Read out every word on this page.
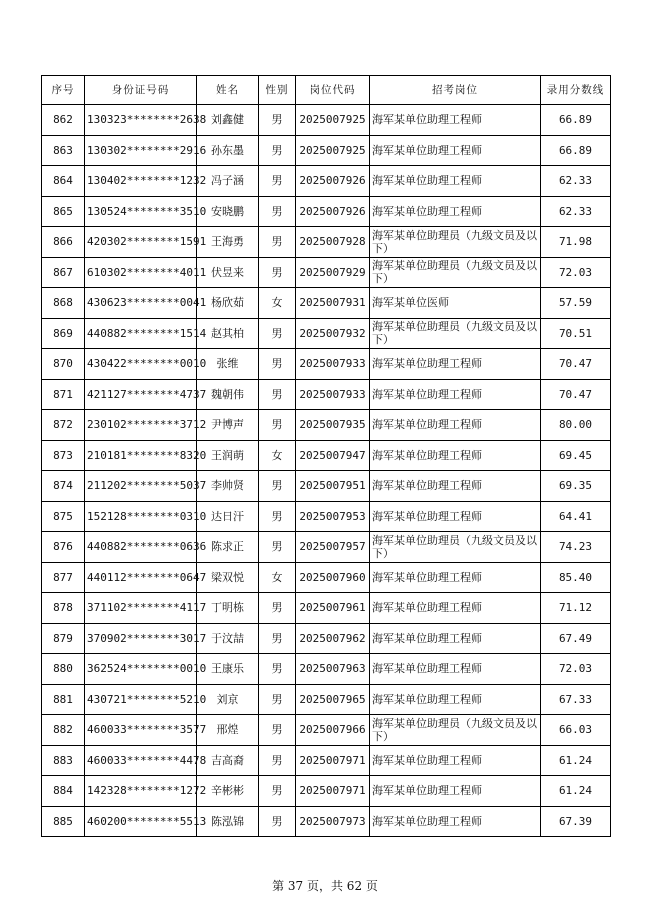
序号	身份证号码	姓名	性别	岗位代码	招考岗位	录用分数线
862	130323********2638	刘鑫健	男	2025007925	海军某单位助理工程师	66.89
863	130302********2916	孙东墨	男	2025007925	海军某单位助理工程师	66.89
864	130402********1232	冯子涵	男	2025007926	海军某单位助理工程师	62.33
865	130524********3510	安晓鹏	男	2025007926	海军某单位助理工程师	62.33
866	420302********1591	王海勇	男	2025007928	海军某单位助理员（九级文员及以下）	71.98
867	610302********4011	伏昱来	男	2025007929	海军某单位助理员（九级文员及以下）	72.03
868	430623********0041	杨欣茹	女	2025007931	海军某单位医师	57.59
869	440882********1514	赵其柏	男	2025007932	海军某单位助理员（九级文员及以下）	70.51
870	430422********0010	张维	男	2025007933	海军某单位助理工程师	70.47
871	421127********4737	魏朝伟	男	2025007933	海军某单位助理工程师	70.47
872	230102********3712	尹博声	男	2025007935	海军某单位助理工程师	80.00
873	210181********8320	王润萌	女	2025007947	海军某单位助理工程师	69.45
874	211202********5037	李帅贤	男	2025007951	海军某单位助理工程师	69.35
875	152128********0310	达日汗	男	2025007953	海军某单位助理工程师	64.41
876	440882********0636	陈求正	男	2025007957	海军某单位助理员（九级文员及以下）	74.23
877	440112********0647	梁双悦	女	2025007960	海军某单位助理工程师	85.40
878	371102********4117	丁明栋	男	2025007961	海军某单位助理工程师	71.12
879	370902********3017	于汶喆	男	2025007962	海军某单位助理工程师	67.49
880	362524********0010	王康乐	男	2025007963	海军某单位助理工程师	72.03
881	430721********5210	刘京	男	2025007965	海军某单位助理工程师	67.33
882	460033********3577	邢煌	男	2025007966	海军某单位助理员（九级文员及以下）	66.03
883	460033********4478	吉高裔	男	2025007971	海军某单位助理工程师	61.24
884	142328********1272	辛彬彬	男	2025007971	海军某单位助理工程师	61.24
885	460200********5513	陈泓锦	男	2025007973	海军某单位助理工程师	67.39
第 37 页，共 62 页
